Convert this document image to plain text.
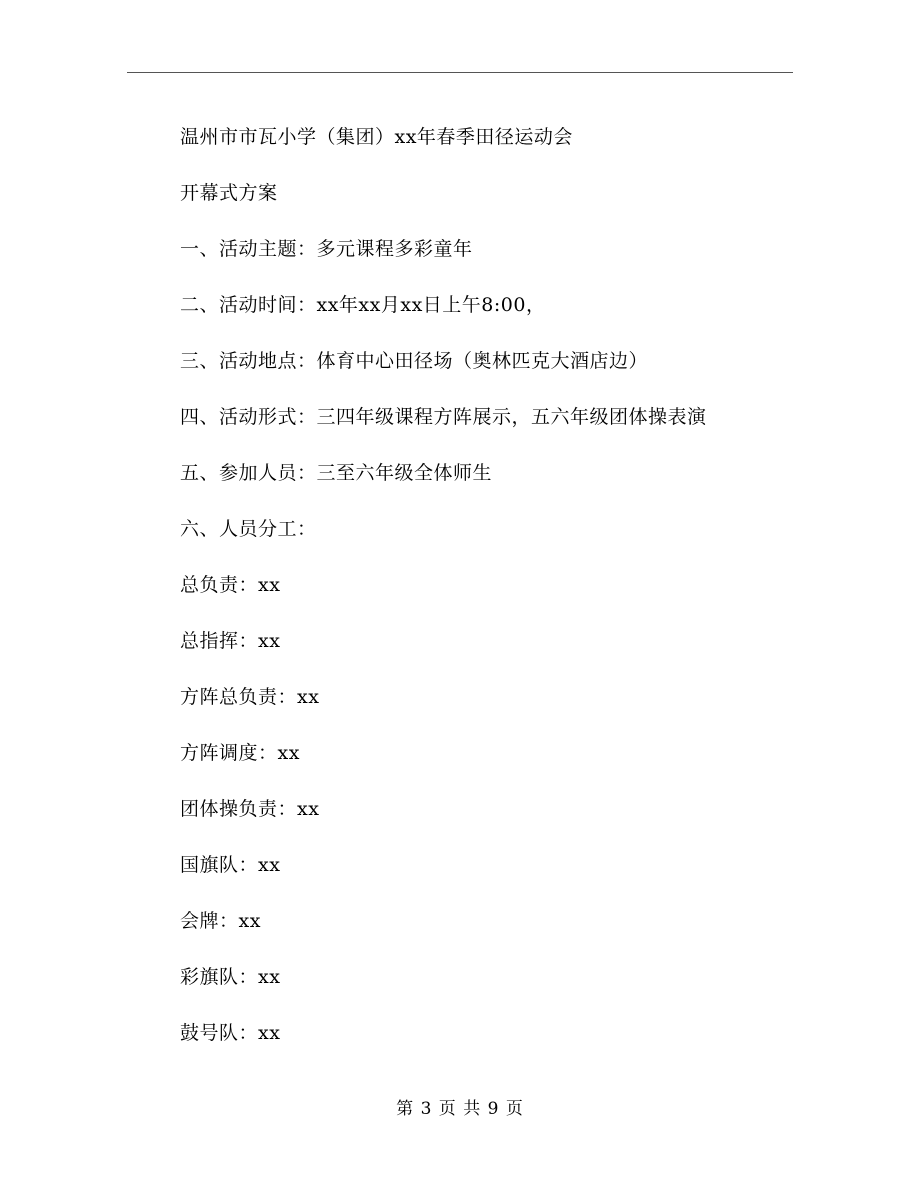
温州市市瓦小学（集团）xx年春季田径运动会
开幕式方案
一、活动主题：多元课程多彩童年
二、活动时间：xx年xx月xx日上午8:00，
三、活动地点：体育中心田径场（奥林匹克大酒店边）
四、活动形式：三四年级课程方阵展示，五六年级团体操表演
五、参加人员：三至六年级全体师生
六、人员分工：
总负责：xx
总指挥：xx
方阵总负责：xx
方阵调度：xx
团体操负责：xx
国旗队：xx
会牌：xx
彩旗队：xx
鼓号队：xx
第 3 页 共 9 页
